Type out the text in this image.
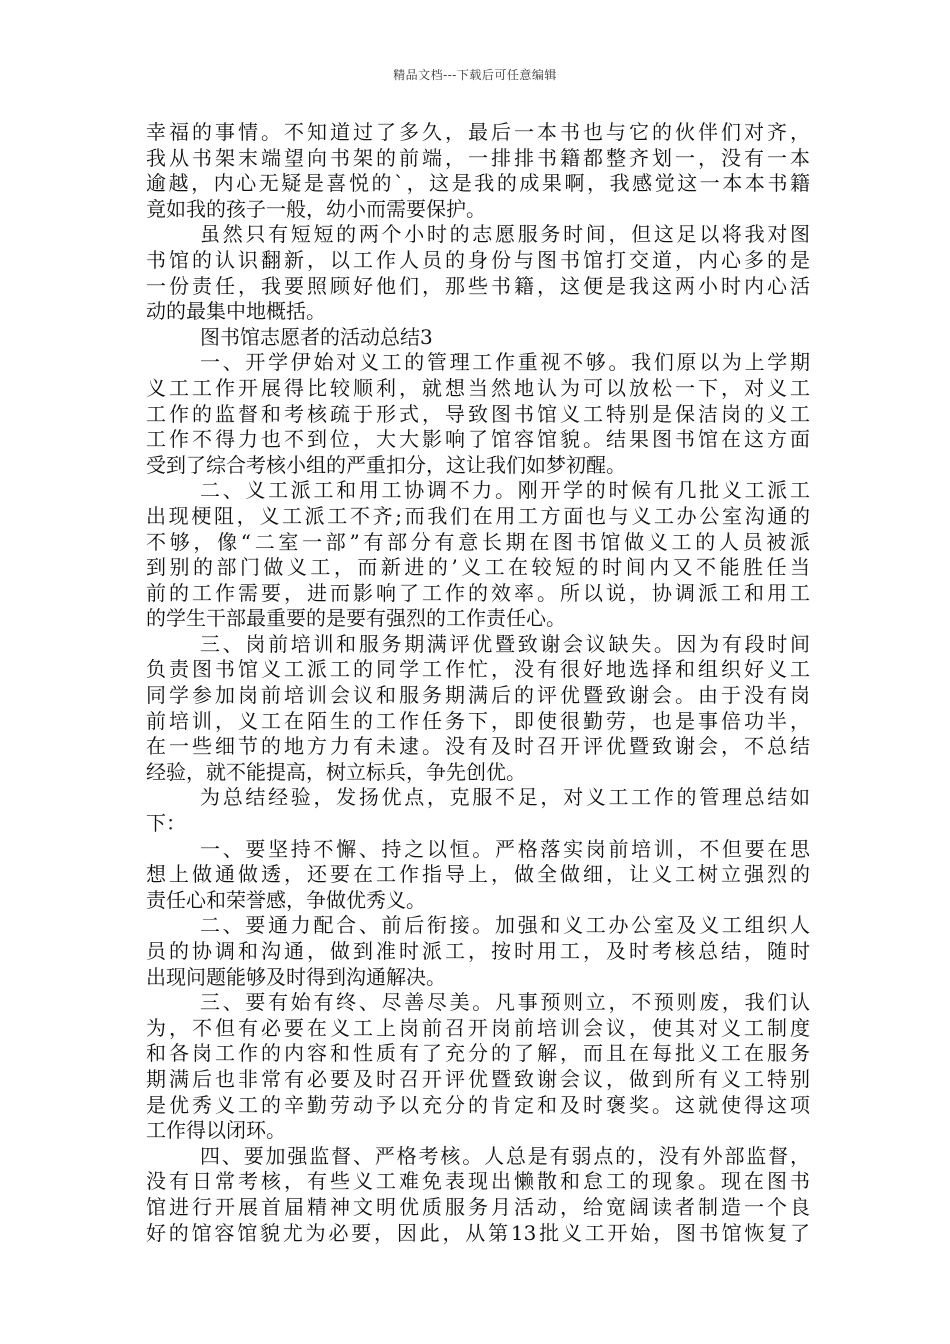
精品文档---下载后可任意编辑
幸福的事情。不知道过了多久，最后一本书也与它的伙伴们对齐，
我从书架末端望向书架的前端，一排排书籍都整齐划一，没有一本
逾越，内心无疑是喜悦的`，这是我的成果啊，我感觉这一本本书籍
竟如我的孩子一般，幼小而需要保护。
虽然只有短短的两个小时的志愿服务时间，但这足以将我对图
书馆的认识翻新，以工作人员的身份与图书馆打交道，内心多的是
一份责任，我要照顾好他们，那些书籍，这便是我这两小时内心活
动的最集中地概括。
图书馆志愿者的活动总结3
一、开学伊始对义工的管理工作重视不够。我们原以为上学期
义工工作开展得比较顺利，就想当然地认为可以放松一下，对义工
工作的监督和考核疏于形式，导致图书馆义工特别是保洁岗的义工
工作不得力也不到位，大大影响了馆容馆貌。结果图书馆在这方面
受到了综合考核小组的严重扣分，这让我们如梦初醒。
二、义工派工和用工协调不力。刚开学的时候有几批义工派工
出现梗阻，义工派工不齐;而我们在用工方面也与义工办公室沟通的
不够，像“二室一部”有部分有意长期在图书馆做义工的人员被派
到别的部门做义工，而新进的’义工在较短的时间内又不能胜任当
前的工作需要，进而影响了工作的效率。所以说，协调派工和用工
的学生干部最重要的是要有强烈的工作责任心。
三、岗前培训和服务期满评优暨致谢会议缺失。因为有段时间
负责图书馆义工派工的同学工作忙，没有很好地选择和组织好义工
同学参加岗前培训会议和服务期满后的评优暨致谢会。由于没有岗
前培训，义工在陌生的工作任务下，即使很勤劳，也是事倍功半，
在一些细节的地方力有未逮。没有及时召开评优暨致谢会，不总结
经验，就不能提高，树立标兵，争先创优。
为总结经验，发扬优点，克服不足，对义工工作的管理总结如
下：
一、要坚持不懈、持之以恒。严格落实岗前培训，不但要在思
想上做通做透，还要在工作指导上，做全做细，让义工树立强烈的
责任心和荣誉感，争做优秀义。
二、要通力配合、前后衔接。加强和义工办公室及义工组织人
员的协调和沟通，做到准时派工，按时用工，及时考核总结，随时
出现问题能够及时得到沟通解决。
三、要有始有终、尽善尽美。凡事预则立，不预则废，我们认
为，不但有必要在义工上岗前召开岗前培训会议，使其对义工制度
和各岗工作的内容和性质有了充分的了解，而且在每批义工在服务
期满后也非常有必要及时召开评优暨致谢会议，做到所有义工特别
是优秀义工的辛勤劳动予以充分的肯定和及时褒奖。这就使得这项
工作得以闭环。
四、要加强监督、严格考核。人总是有弱点的，没有外部监督，
没有日常考核，有些义工难免表现出懒散和怠工的现象。现在图书
馆进行开展首届精神文明优质服务月活动，给宽阔读者制造一个良
好的馆容馆貌尤为必要，因此，从第13批义工开始，图书馆恢复了
